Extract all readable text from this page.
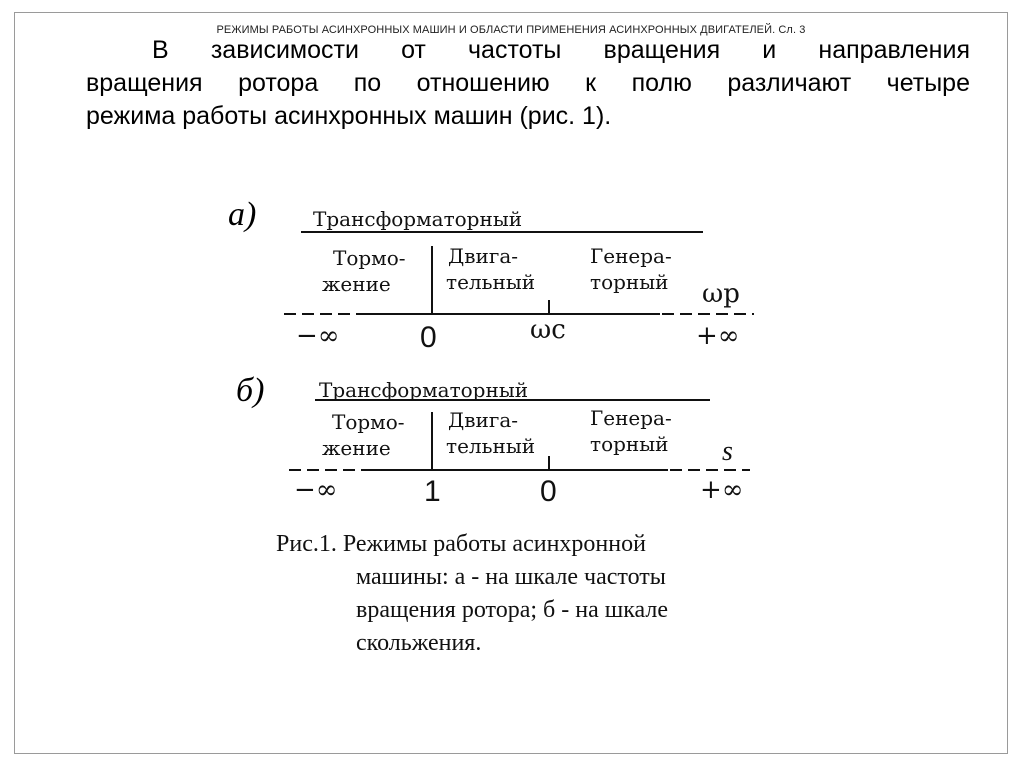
РЕЖИМЫ РАБОТЫ АСИНХРОННЫХ МАШИН И ОБЛАСТИ ПРИМЕНЕНИЯ АСИНХРОННЫХ ДВИГАТЕЛЕЙ. Сл. 3
В зависимости от частоты вращения и направления
вращения ротора по отношению к полю различают четыре
режима работы асинхронных машин (рис. 1).
а)	Трансформаторный
Тормо-
жение
Двига-
тельный
Генера-
торный
−∞	0	ωс	+∞
ωр
б)	Трансформаторный
Тормо-
жение
Двига-
тельный
Генера-
торный
−∞	1	0	+∞
s
Рис.1. Режимы работы асинхронной
машины: а - на шкале частоты
вращения ротора; б - на шкале
скольжения.
